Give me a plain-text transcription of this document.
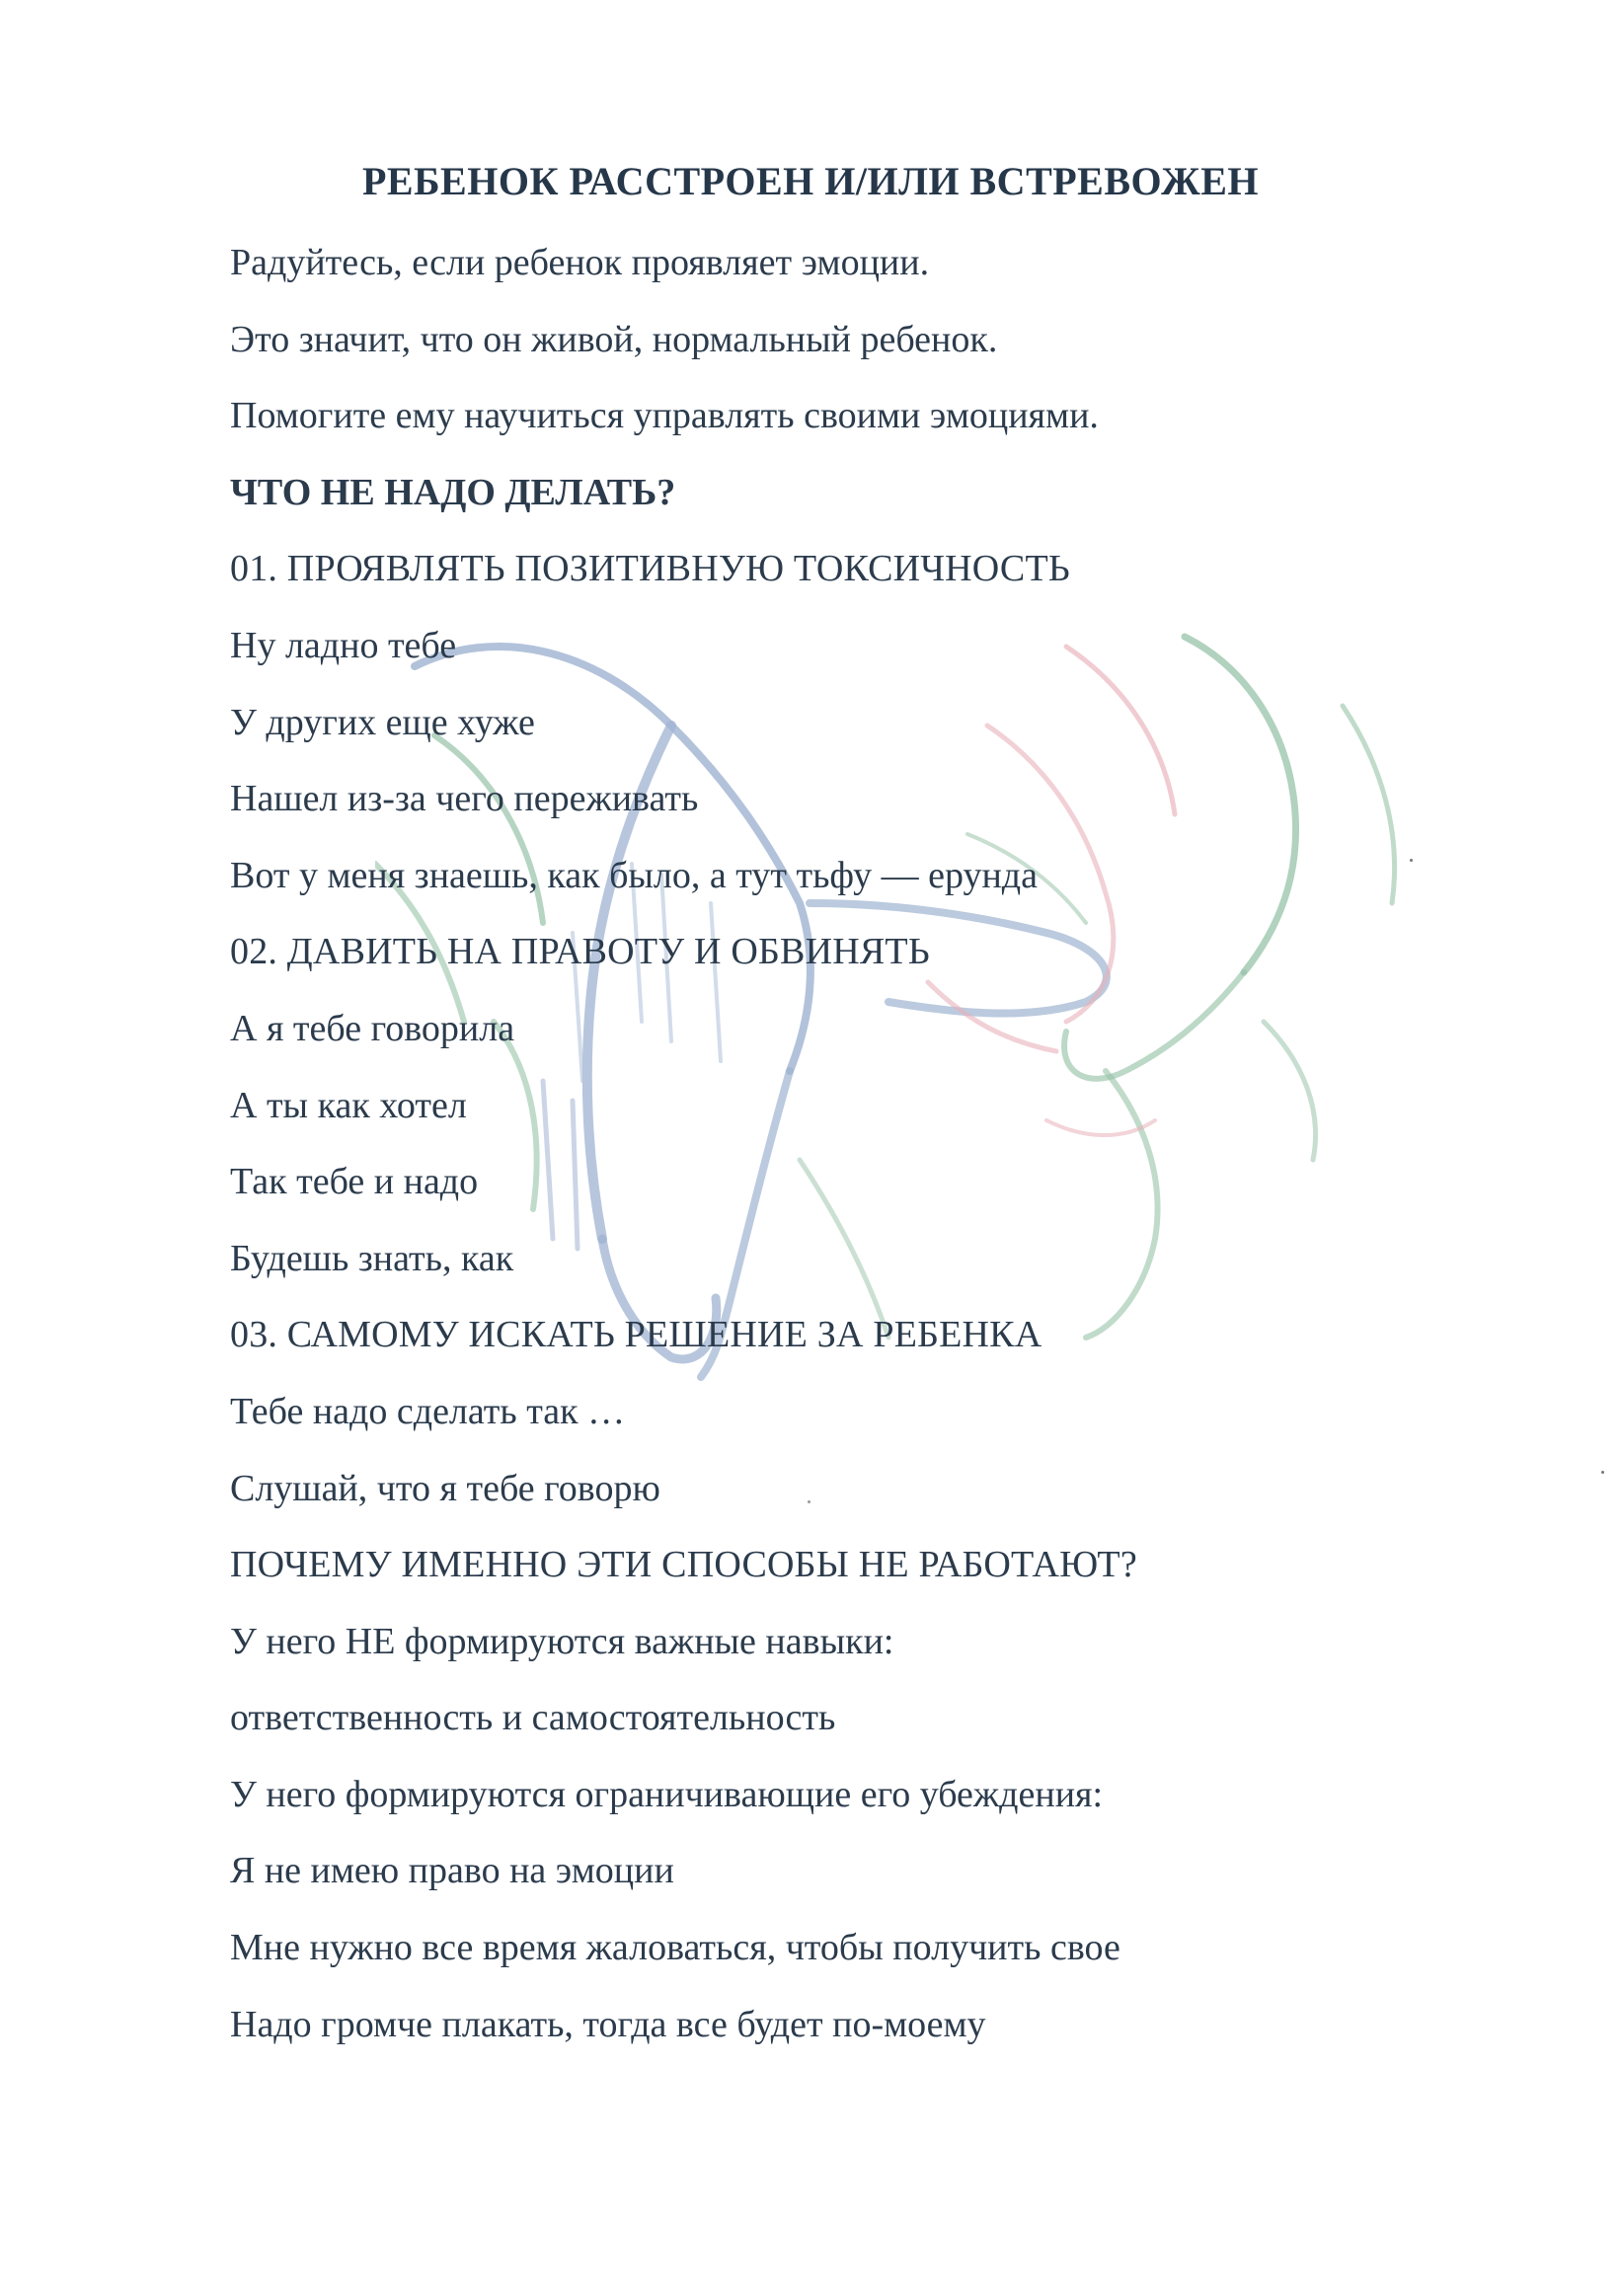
РЕБЕНОК РАССТРОЕН И/ИЛИ ВСТРЕВОЖЕН
Радуйтесь, если ребенок проявляет эмоции.
Это значит, что он живой, нормальный ребенок.
Помогите ему научиться управлять своими эмоциями.
ЧТО НЕ НАДО ДЕЛАТЬ?
01. ПРОЯВЛЯТЬ ПОЗИТИВНУЮ ТОКСИЧНОСТЬ
Ну ладно тебе
У других еще хуже
Нашел из-за чего переживать
Вот у меня знаешь, как было, а тут тьфу — ерунда
02. ДАВИТЬ НА ПРАВОТУ И ОБВИНЯТЬ
А я тебе говорила
А ты как хотел
Так тебе и надо
Будешь знать, как
03. САМОМУ ИСКАТЬ РЕШЕНИЕ ЗА РЕБЕНКА
Тебе надо сделать так …
Слушай, что я тебе говорю
ПОЧЕМУ ИМЕННО ЭТИ СПОСОБЫ НЕ РАБОТАЮТ?
У него НЕ формируются важные навыки:
ответственность и самостоятельность
У него формируются ограничивающие его убеждения:
Я не имею право на эмоции
Мне нужно все время жаловаться, чтобы получить свое
Надо громче плакать, тогда все будет по-моему
